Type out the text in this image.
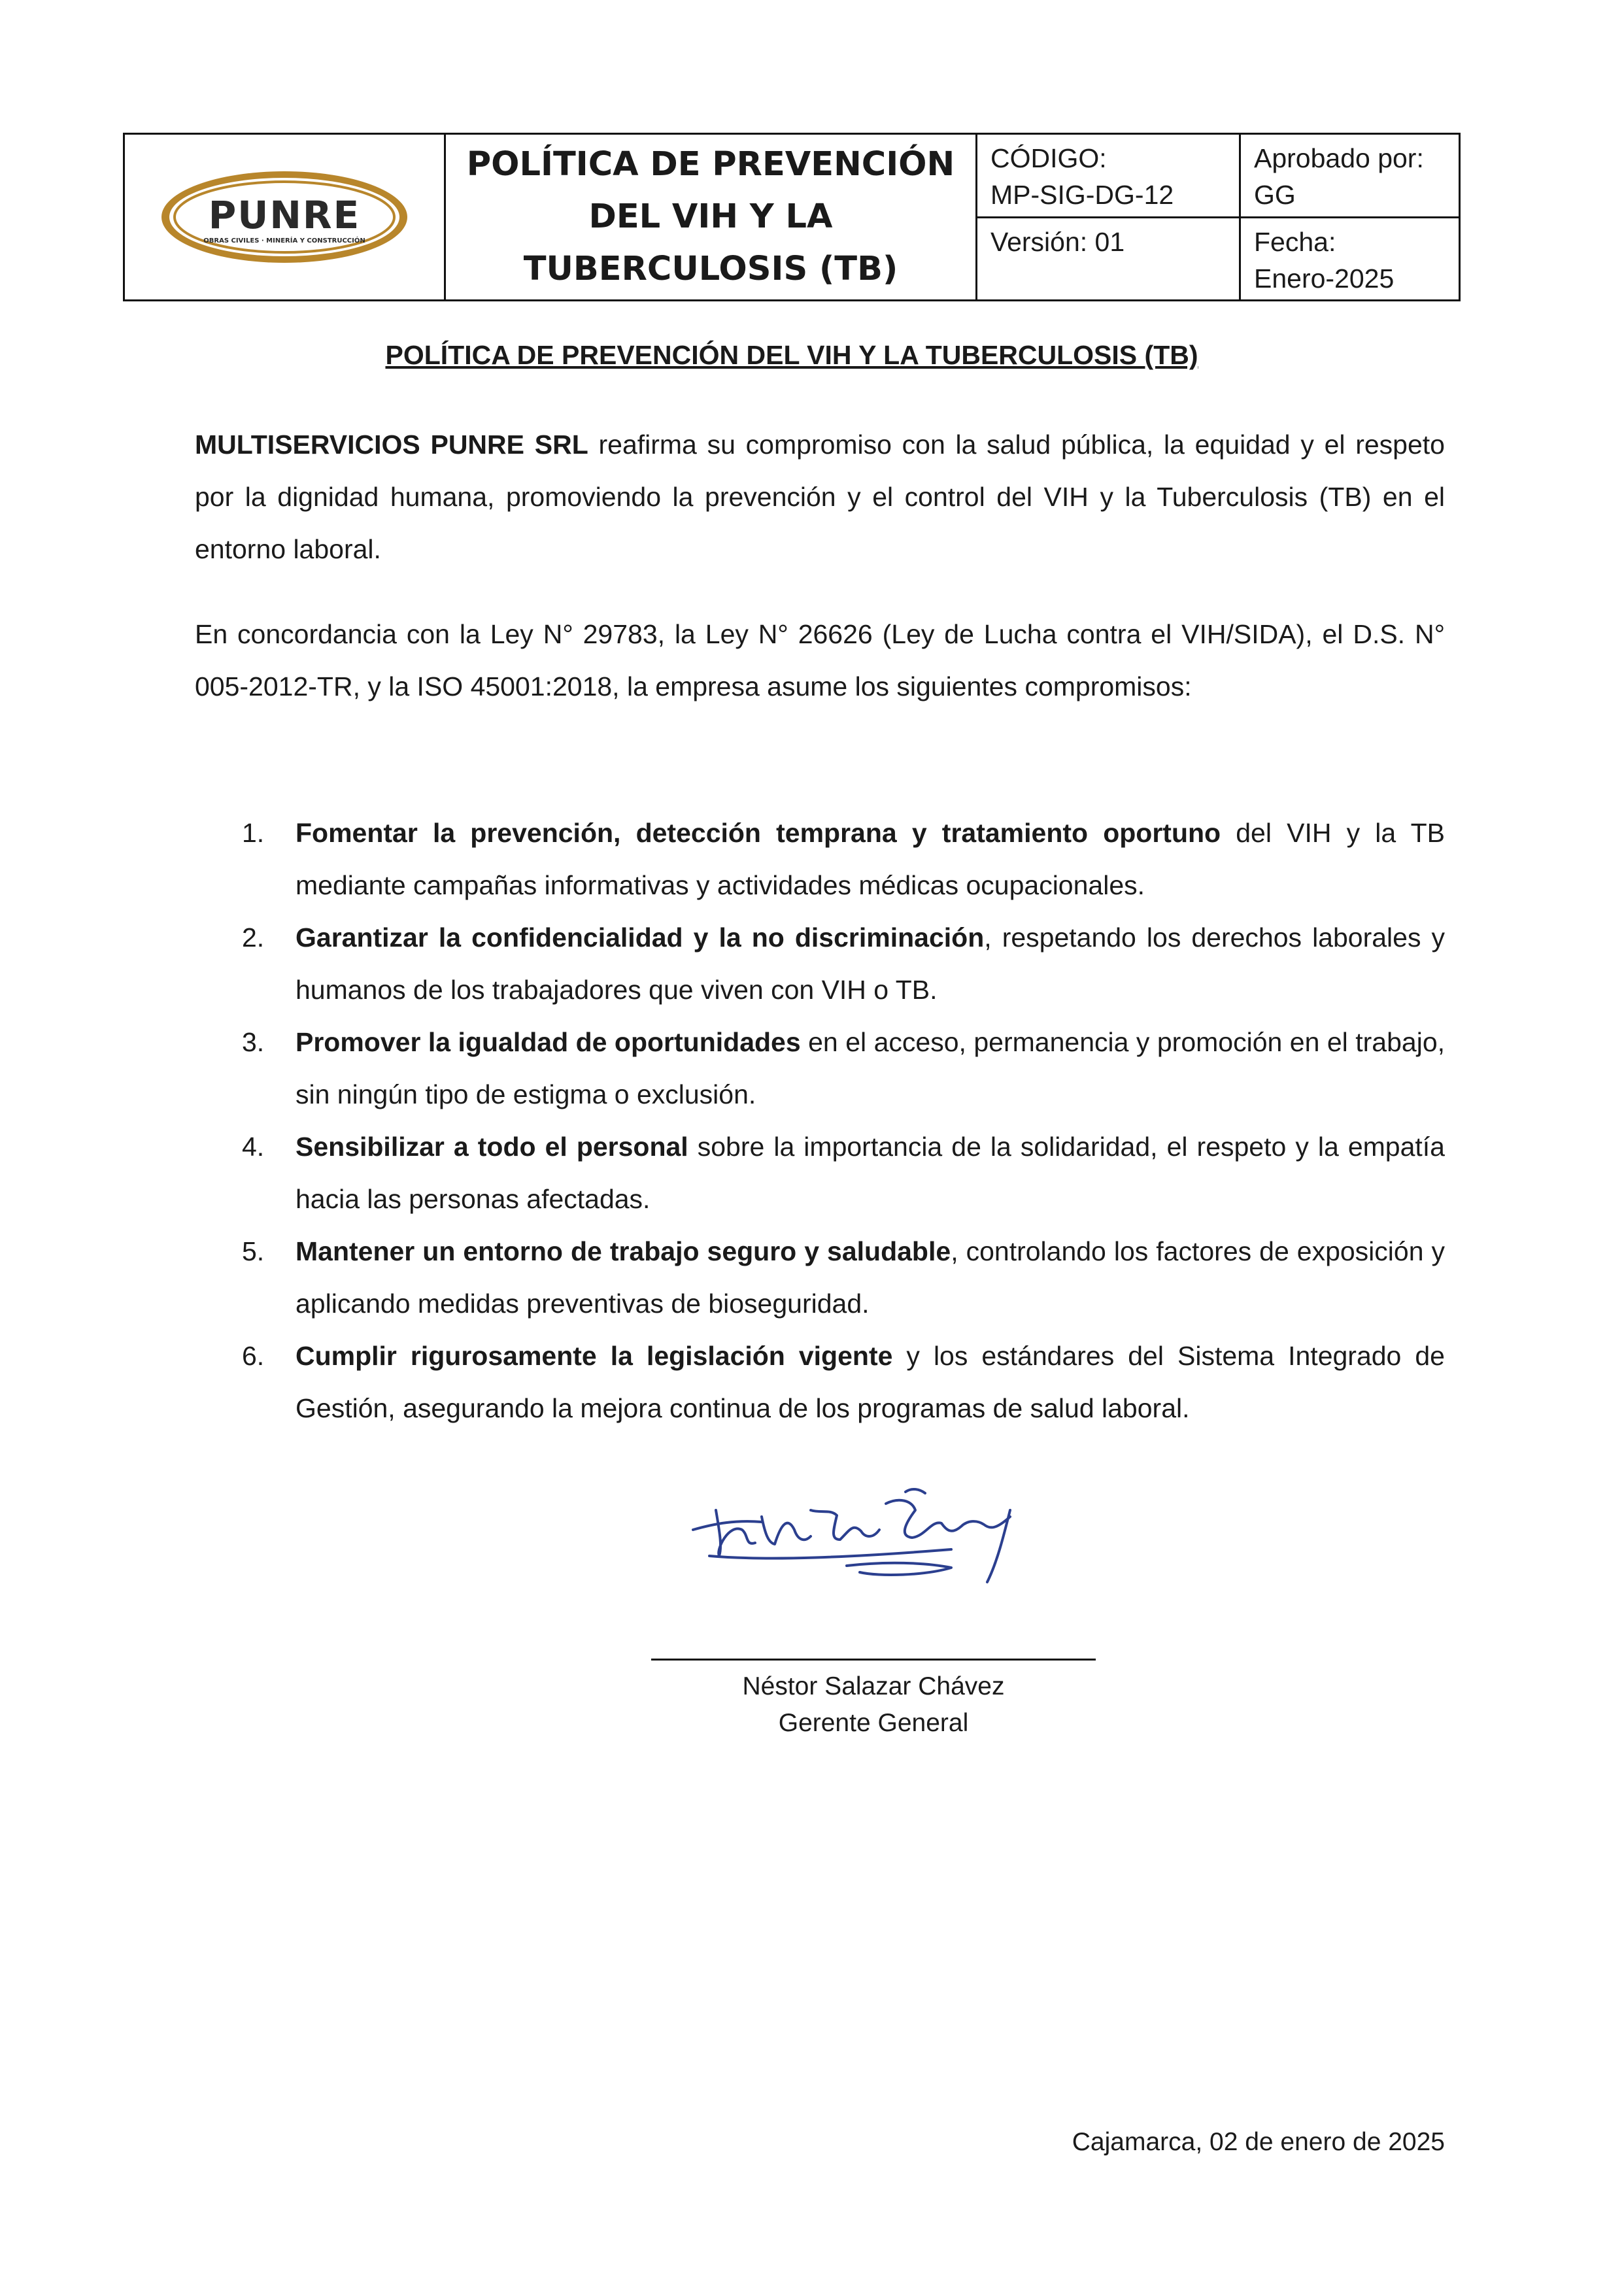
PUNRE
OBRAS CIVILES · MINERÍA Y CONSTRUCCIÓN
POLÍTICA DE PREVENCIÓN
DEL VIH Y LA
TUBERCULOSIS (TB)
CÓDIGO:
MP-SIG-DG-12
Versión: 01
Aprobado por:
GG
Fecha:
Enero-2025
POLÍTICA DE PREVENCIÓN DEL VIH Y LA TUBERCULOSIS (TB)
MULTISERVICIOS PUNRE SRL reafirma su compromiso con la salud pública, la equidad y el respeto por la dignidad humana, promoviendo la prevención y el control del VIH y la Tuberculosis (TB) en el entorno laboral.
En concordancia con la Ley N° 29783, la Ley N° 26626 (Ley de Lucha contra el VIH/SIDA), el D.S. N° 005-2012-TR, y la ISO 45001:2018, la empresa asume los siguientes compromisos:
1. Fomentar la prevención, detección temprana y tratamiento oportuno del VIH y la TB mediante campañas informativas y actividades médicas ocupacionales.
2. Garantizar la confidencialidad y la no discriminación, respetando los derechos laborales y humanos de los trabajadores que viven con VIH o TB.
3. Promover la igualdad de oportunidades en el acceso, permanencia y promoción en el trabajo, sin ningún tipo de estigma o exclusión.
4. Sensibilizar a todo el personal sobre la importancia de la solidaridad, el respeto y la empatía hacia las personas afectadas.
5. Mantener un entorno de trabajo seguro y saludable, controlando los factores de exposición y aplicando medidas preventivas de bioseguridad.
6. Cumplir rigurosamente la legislación vigente y los estándares del Sistema Integrado de Gestión, asegurando la mejora continua de los programas de salud laboral.
Néstor Salazar Chávez
Gerente General
Cajamarca, 02 de enero de 2025
